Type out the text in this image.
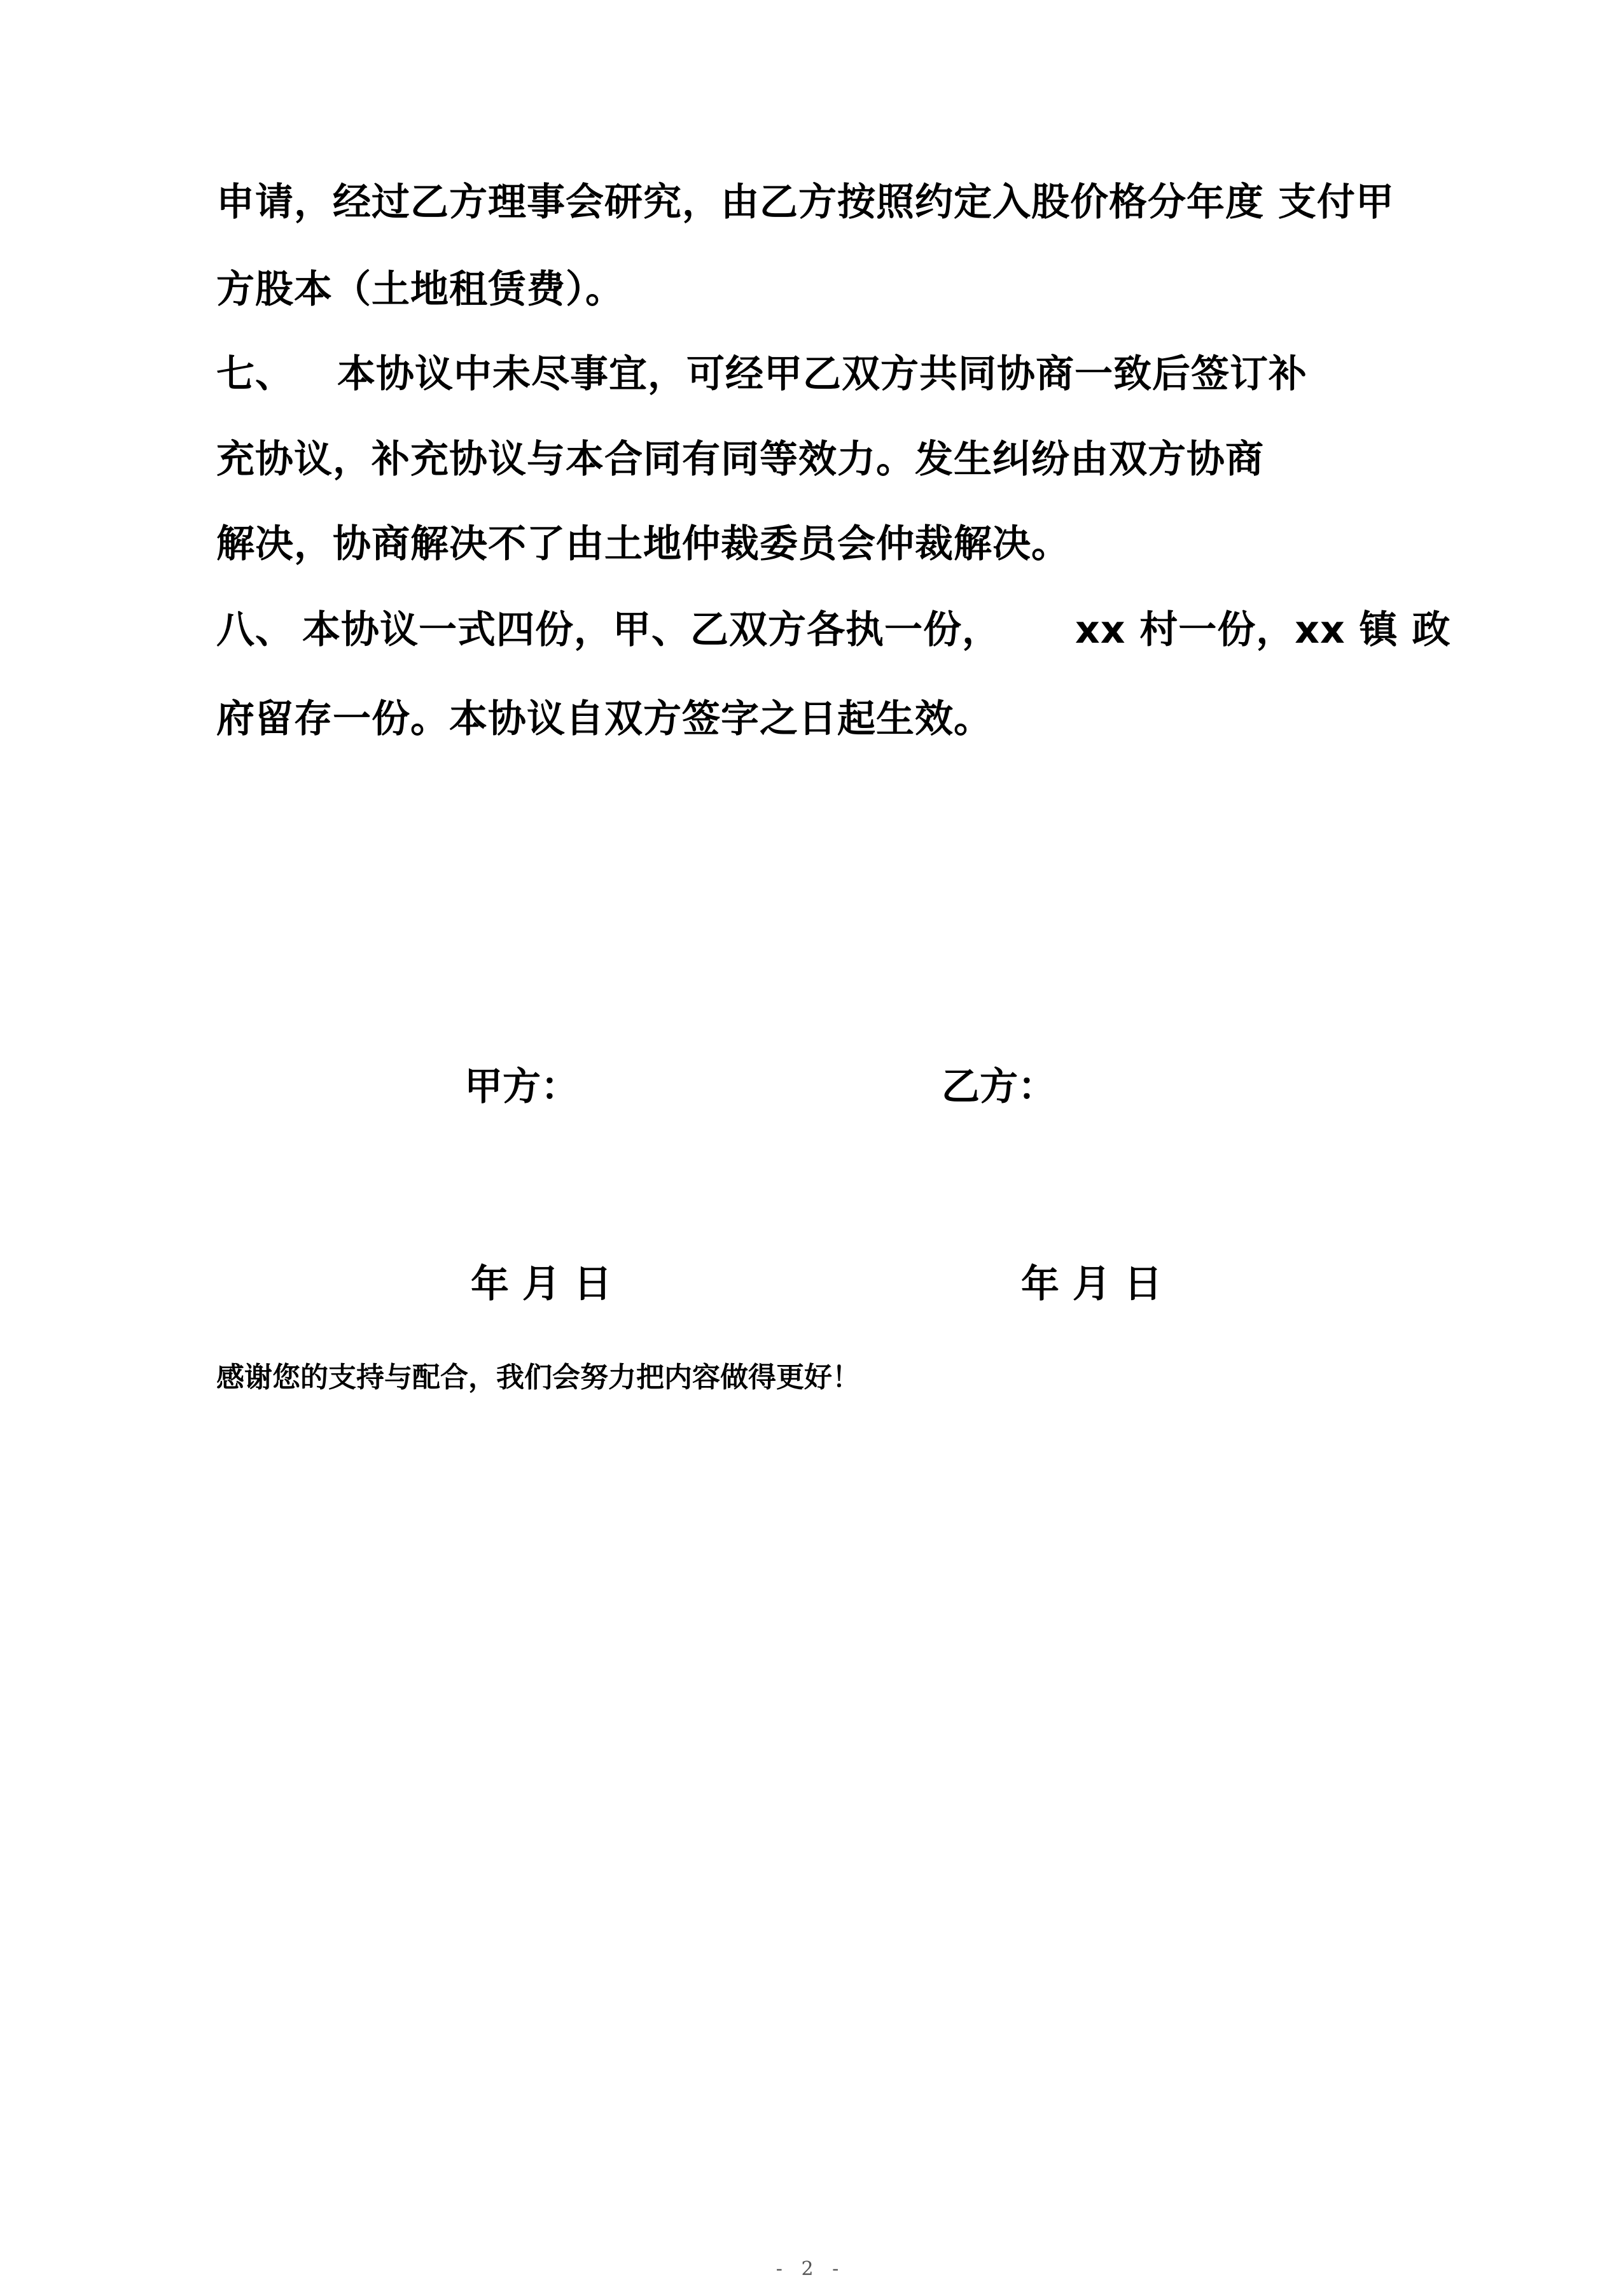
申请，经过乙方理事会研究，由乙方按照约定入股价格分年度 支付甲
方股本（土地租赁费）。
七、 本协议中未尽事宜，可经甲乙双方共同协商一致后签订补
充协议，补充协议与本合同有同等效力。发生纠纷由双方协商
解决，协商解决不了由土地仲裁委员会仲裁解决。
八、 本协议一式四份，甲、乙双方各执一份， xx 村一份，xx 镇 政
府留存一份。本协议自双方签字之日起生效。
甲方：	乙方：
年 月 日	年 月 日
感谢您的支持与配合，我们会努力把内容做得更好！
- 2 -
